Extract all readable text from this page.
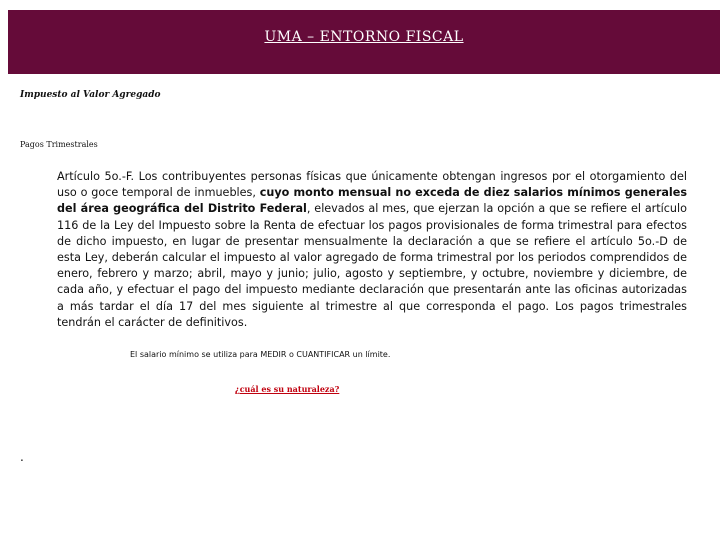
UMA – ENTORNO FISCAL
Impuesto al Valor Agregado
Pagos Trimestrales

Artículo 5o.-F. Los contribuyentes personas físicas que únicamente obtengan ingresos por el otorgamiento del uso o goce temporal de inmuebles, cuyo monto mensual no exceda de diez salarios mínimos generales del área geográfica del Distrito Federal, elevados al mes, que ejerzan la opción a que se refiere el artículo 116 de la Ley del Impuesto sobre la Renta de efectuar los pagos provisionales de forma trimestral para efectos de dicho impuesto, en lugar de presentar mensualmente la declaración a que se refiere el artículo 5o.-D de esta Ley, deberán calcular el impuesto al valor agregado de forma trimestral por los periodos comprendidos de enero, febrero y marzo; abril, mayo y junio; julio, agosto y septiembre, y octubre, noviembre y diciembre, de cada año, y efectuar el pago del impuesto mediante declaración que presentarán ante las oficinas autorizadas a más tardar el día 17 del mes siguiente al trimestre al que corresponda el pago. Los pagos trimestrales tendrán el carácter de definitivos.

El salario mínimo se utiliza para MEDIR o CUANTIFICAR un límite.
¿cuál es su naturaleza?
.
